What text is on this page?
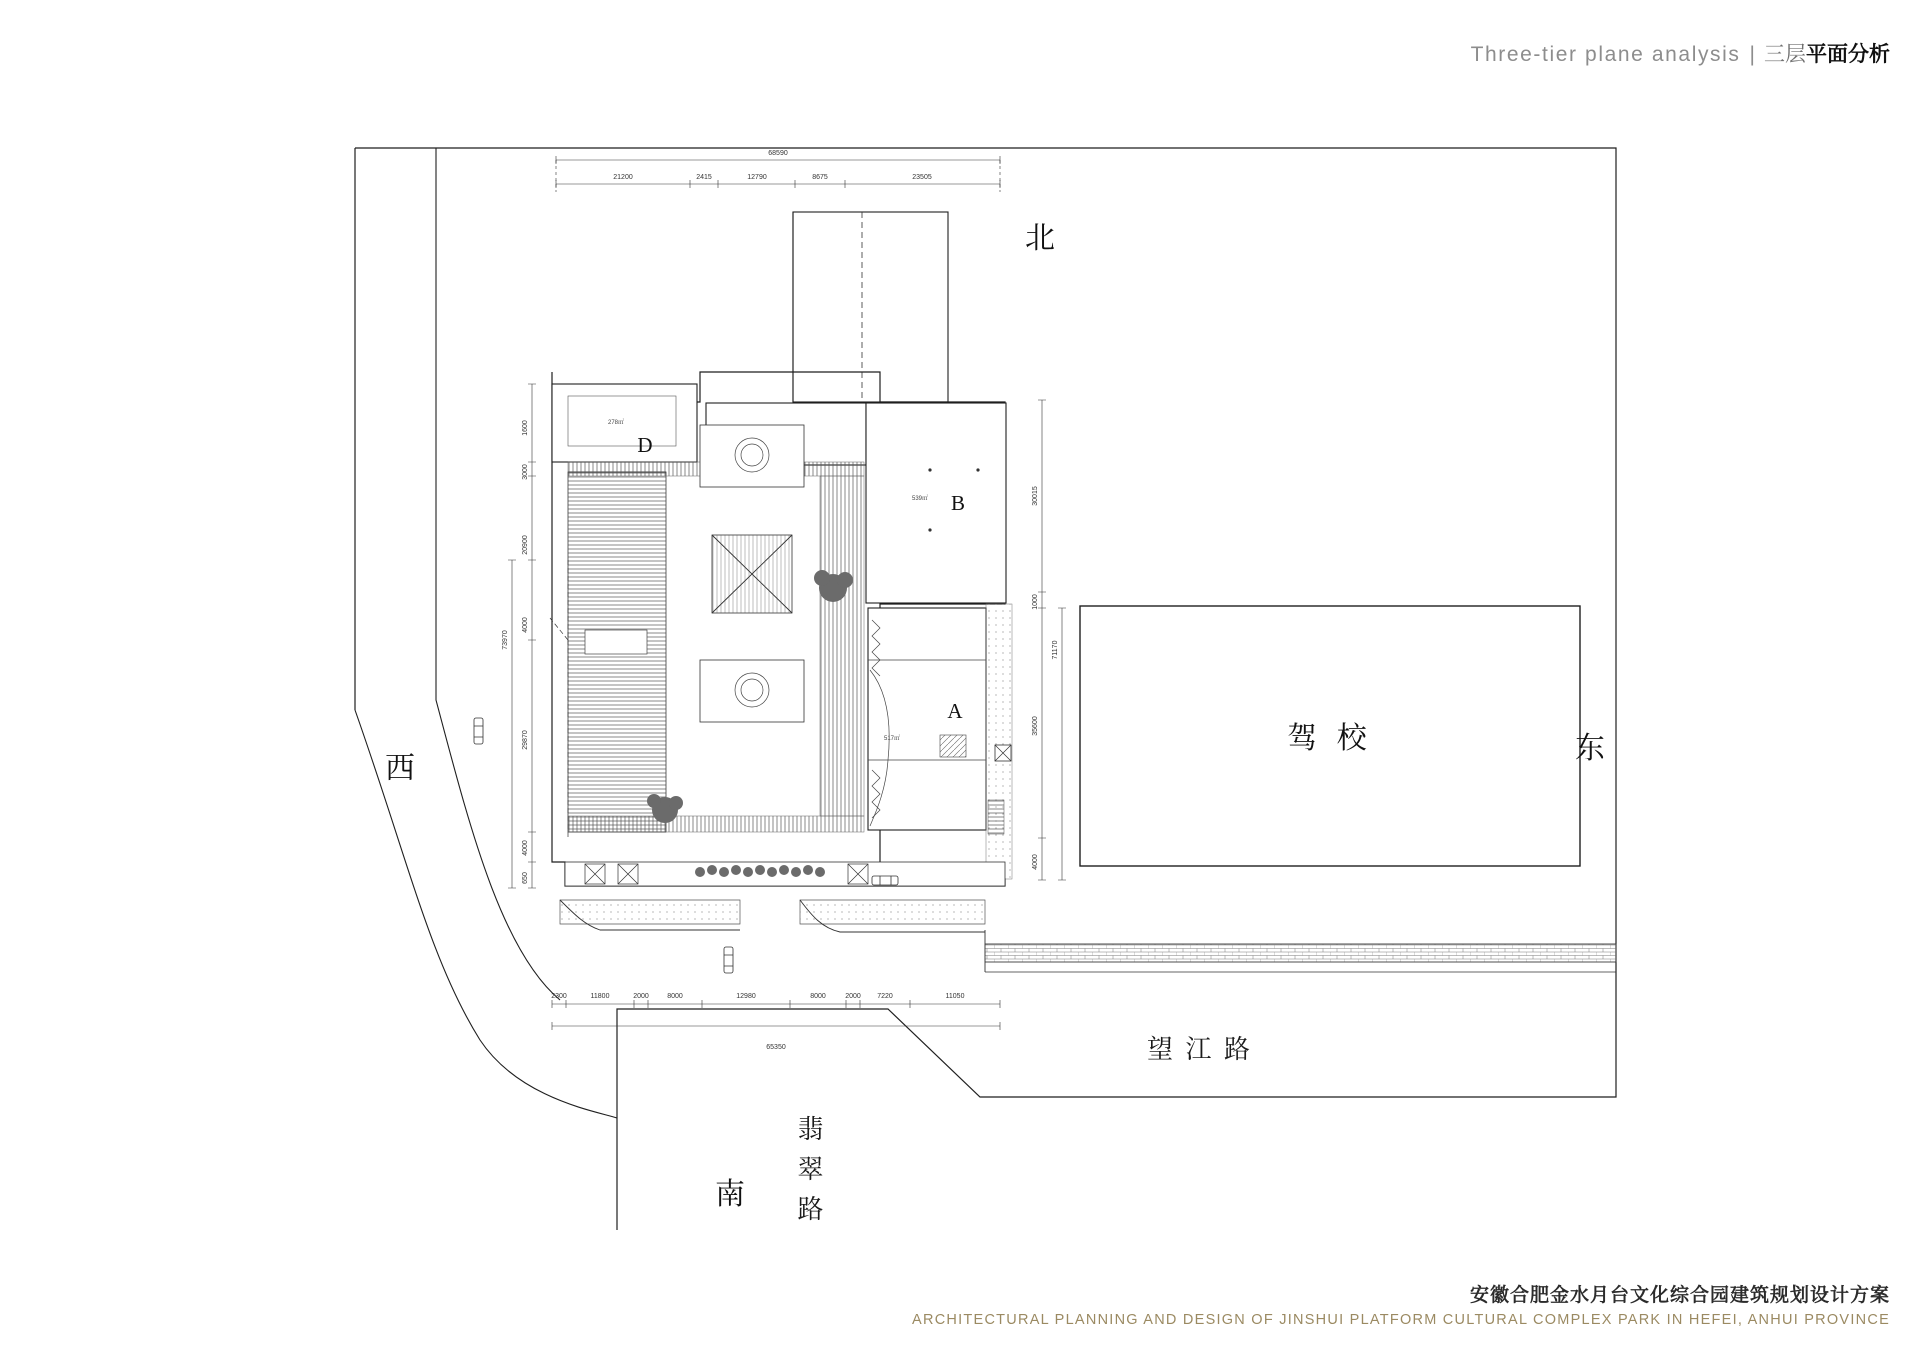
Three-tier plane analysis | 三层 平面分析
驾 校
278㎡
D
539㎡ B
517㎡
A
68590
21200	2415	12790	8675	23505
2300	11800	2000	8000	12980	8000	2000 7220	11050
65350
1600
3000
20900
4000
29870
4000
650
73970
30015
1000
35600
4000
71170
北
西
东
南
望 江 路
翡
翠
路
安徽合肥金水月台文化综合园建筑规划设计方案
ARCHITECTURAL PLANNING AND DESIGN OF JINSHUI PLATFORM CULTURAL COMPLEX PARK IN HEFEI, ANHUI PROVINCE
